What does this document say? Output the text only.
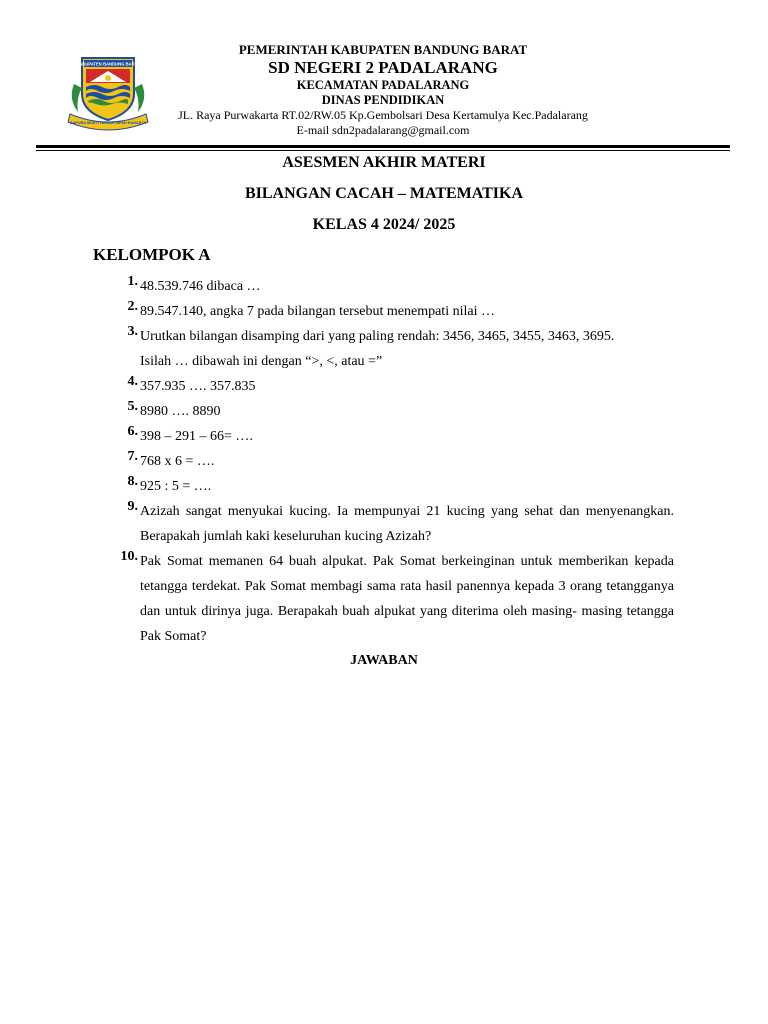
KABUPATEN BANDUNG BARAT
GAPURA MUKTI GEMAH RIPAH RAHARJA
PEMERINTAH KABUPATEN BANDUNG BARAT
SD NEGERI 2 PADALARANG
KECAMATAN PADALARANG
DINAS PENDIDIKAN
JL. Raya Purwakarta RT.02/RW.05 Kp.Gembolsari Desa Kertamulya Kec.Padalarang
E-mail sdn2padalarang@gmail.com
ASESMEN AKHIR MATERI
BILANGAN CACAH – MATEMATIKA
KELAS 4 2024/ 2025
KELOMPOK A
1. 48.539.746 dibaca …
2. 89.547.140, angka 7 pada bilangan tersebut menempati nilai …
3. Urutkan bilangan disamping dari yang paling rendah: 3456, 3465, 3455, 3463, 3695.
Isilah … dibawah ini dengan “>, <, atau =”
4. 357.935 …. 357.835
5. 8980 …. 8890
6. 398 – 291 – 66= ….
7. 768 x 6 = ….
8. 925 : 5 = ….
9. Azizah sangat menyukai kucing. Ia mempunyai 21 kucing yang sehat dan menyenangkan. Berapakah jumlah kaki keseluruhan kucing Azizah?
10. Pak Somat memanen 64 buah alpukat. Pak Somat berkeinginan untuk memberikan kepada tetangga terdekat. Pak Somat membagi sama rata hasil panennya kepada 3 orang tetangganya dan untuk dirinya juga. Berapakah buah alpukat yang diterima oleh masing- masing tetangga Pak Somat?
JAWABAN
